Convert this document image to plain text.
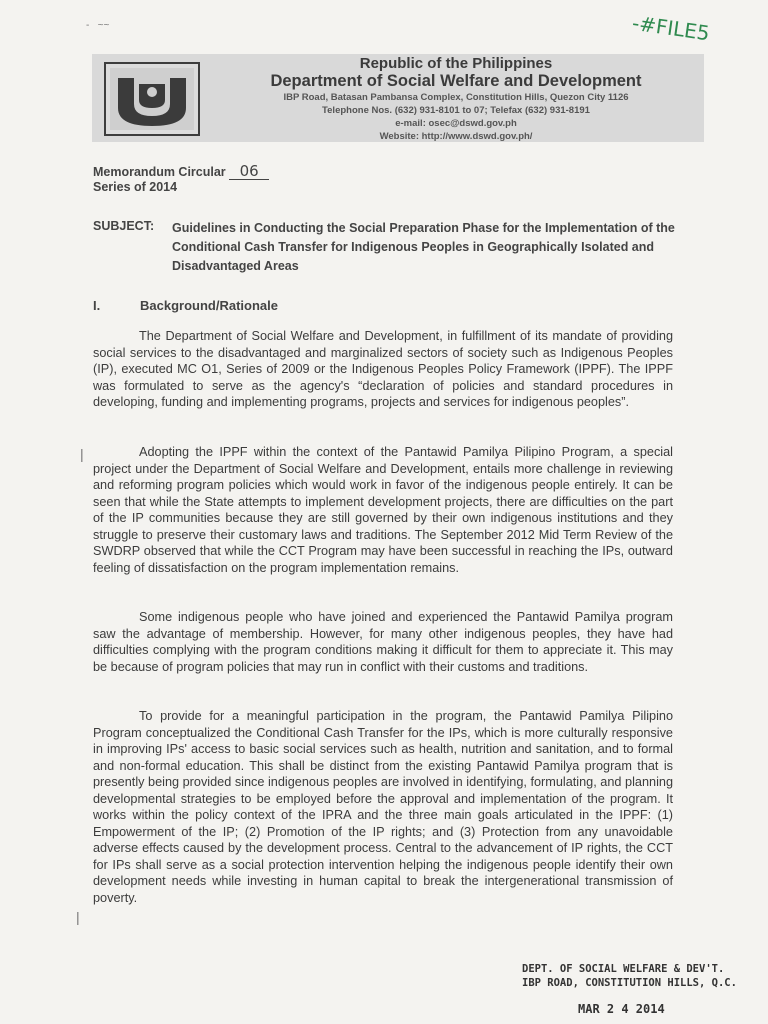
-#FILE5
-   ~~
|
|
Republic of the Philippines
Department of Social Welfare and Development
IBP Road, Batasan Pambansa Complex, Constitution Hills, Quezon City 1126
Telephone Nos. (632) 931-8101 to 07; Telefax (632) 931-8191
e-mail: osec@dswd.gov.ph
Website: http://www.dswd.gov.ph/
Memorandum Circular 06
Series of 2014
SUBJECT: Guidelines in Conducting the Social Preparation Phase for the Implementation of the Conditional Cash Transfer for Indigenous Peoples in Geographically Isolated and Disadvantaged Areas
I.	Background/Rationale

The Department of Social Welfare and Development, in fulfillment of its mandate of providing social services to the disadvantaged and marginalized sectors of society such as Indigenous Peoples (IP), executed MC O1, Series of 2009 or the Indigenous Peoples Policy Framework (IPPF). The IPPF was formulated to serve as the agency's “declaration of policies and standard procedures in developing, funding and implementing programs, projects and services for indigenous peoples”.

Adopting the IPPF within the context of the Pantawid Pamilya Pilipino Program, a special project under the Department of Social Welfare and Development, entails more challenge in reviewing and reforming program policies which would work in favor of the indigenous people entirely. It can be seen that while the State attempts to implement development projects, there are difficulties on the part of the IP communities because they are still governed by their own indigenous institutions and they struggle to preserve their customary laws and traditions. The September 2012 Mid Term Review of the SWDRP observed that while the CCT Program may have been successful in reaching the IPs, outward feeling of dissatisfaction on the program implementation remains.

Some indigenous people who have joined and experienced the Pantawid Pamilya program saw the advantage of membership. However, for many other indigenous peoples, they have had difficulties complying with the program conditions making it difficult for them to appreciate it. This may be because of program policies that may run in conflict with their customs and traditions.

To provide for a meaningful participation in the program, the Pantawid Pamilya Pilipino Program conceptualized the Conditional Cash Transfer for the IPs, which is more culturally responsive in improving IPs' access to basic social services such as health, nutrition and sanitation, and to formal and non-formal education. This shall be distinct from the existing Pantawid Pamilya program that is presently being provided since indigenous peoples are involved in identifying, formulating, and planning developmental strategies to be employed before the approval and implementation of the program. It works within the policy context of the IPRA and the three main goals articulated in the IPPF: (1) Empowerment of the IP; (2) Promotion of the IP rights; and (3) Protection from any unavoidable adverse effects caused by the development process. Central to the advancement of IP rights, the CCT for IPs shall serve as a social protection intervention helping the indigenous people identify their own development needs while investing in human capital to break the intergenerational transmission of poverty.

DEPT. OF SOCIAL WELFARE & DEV'T.
IBP ROAD, CONSTITUTION HILLS, Q.C.
MAR 2 4 2014
